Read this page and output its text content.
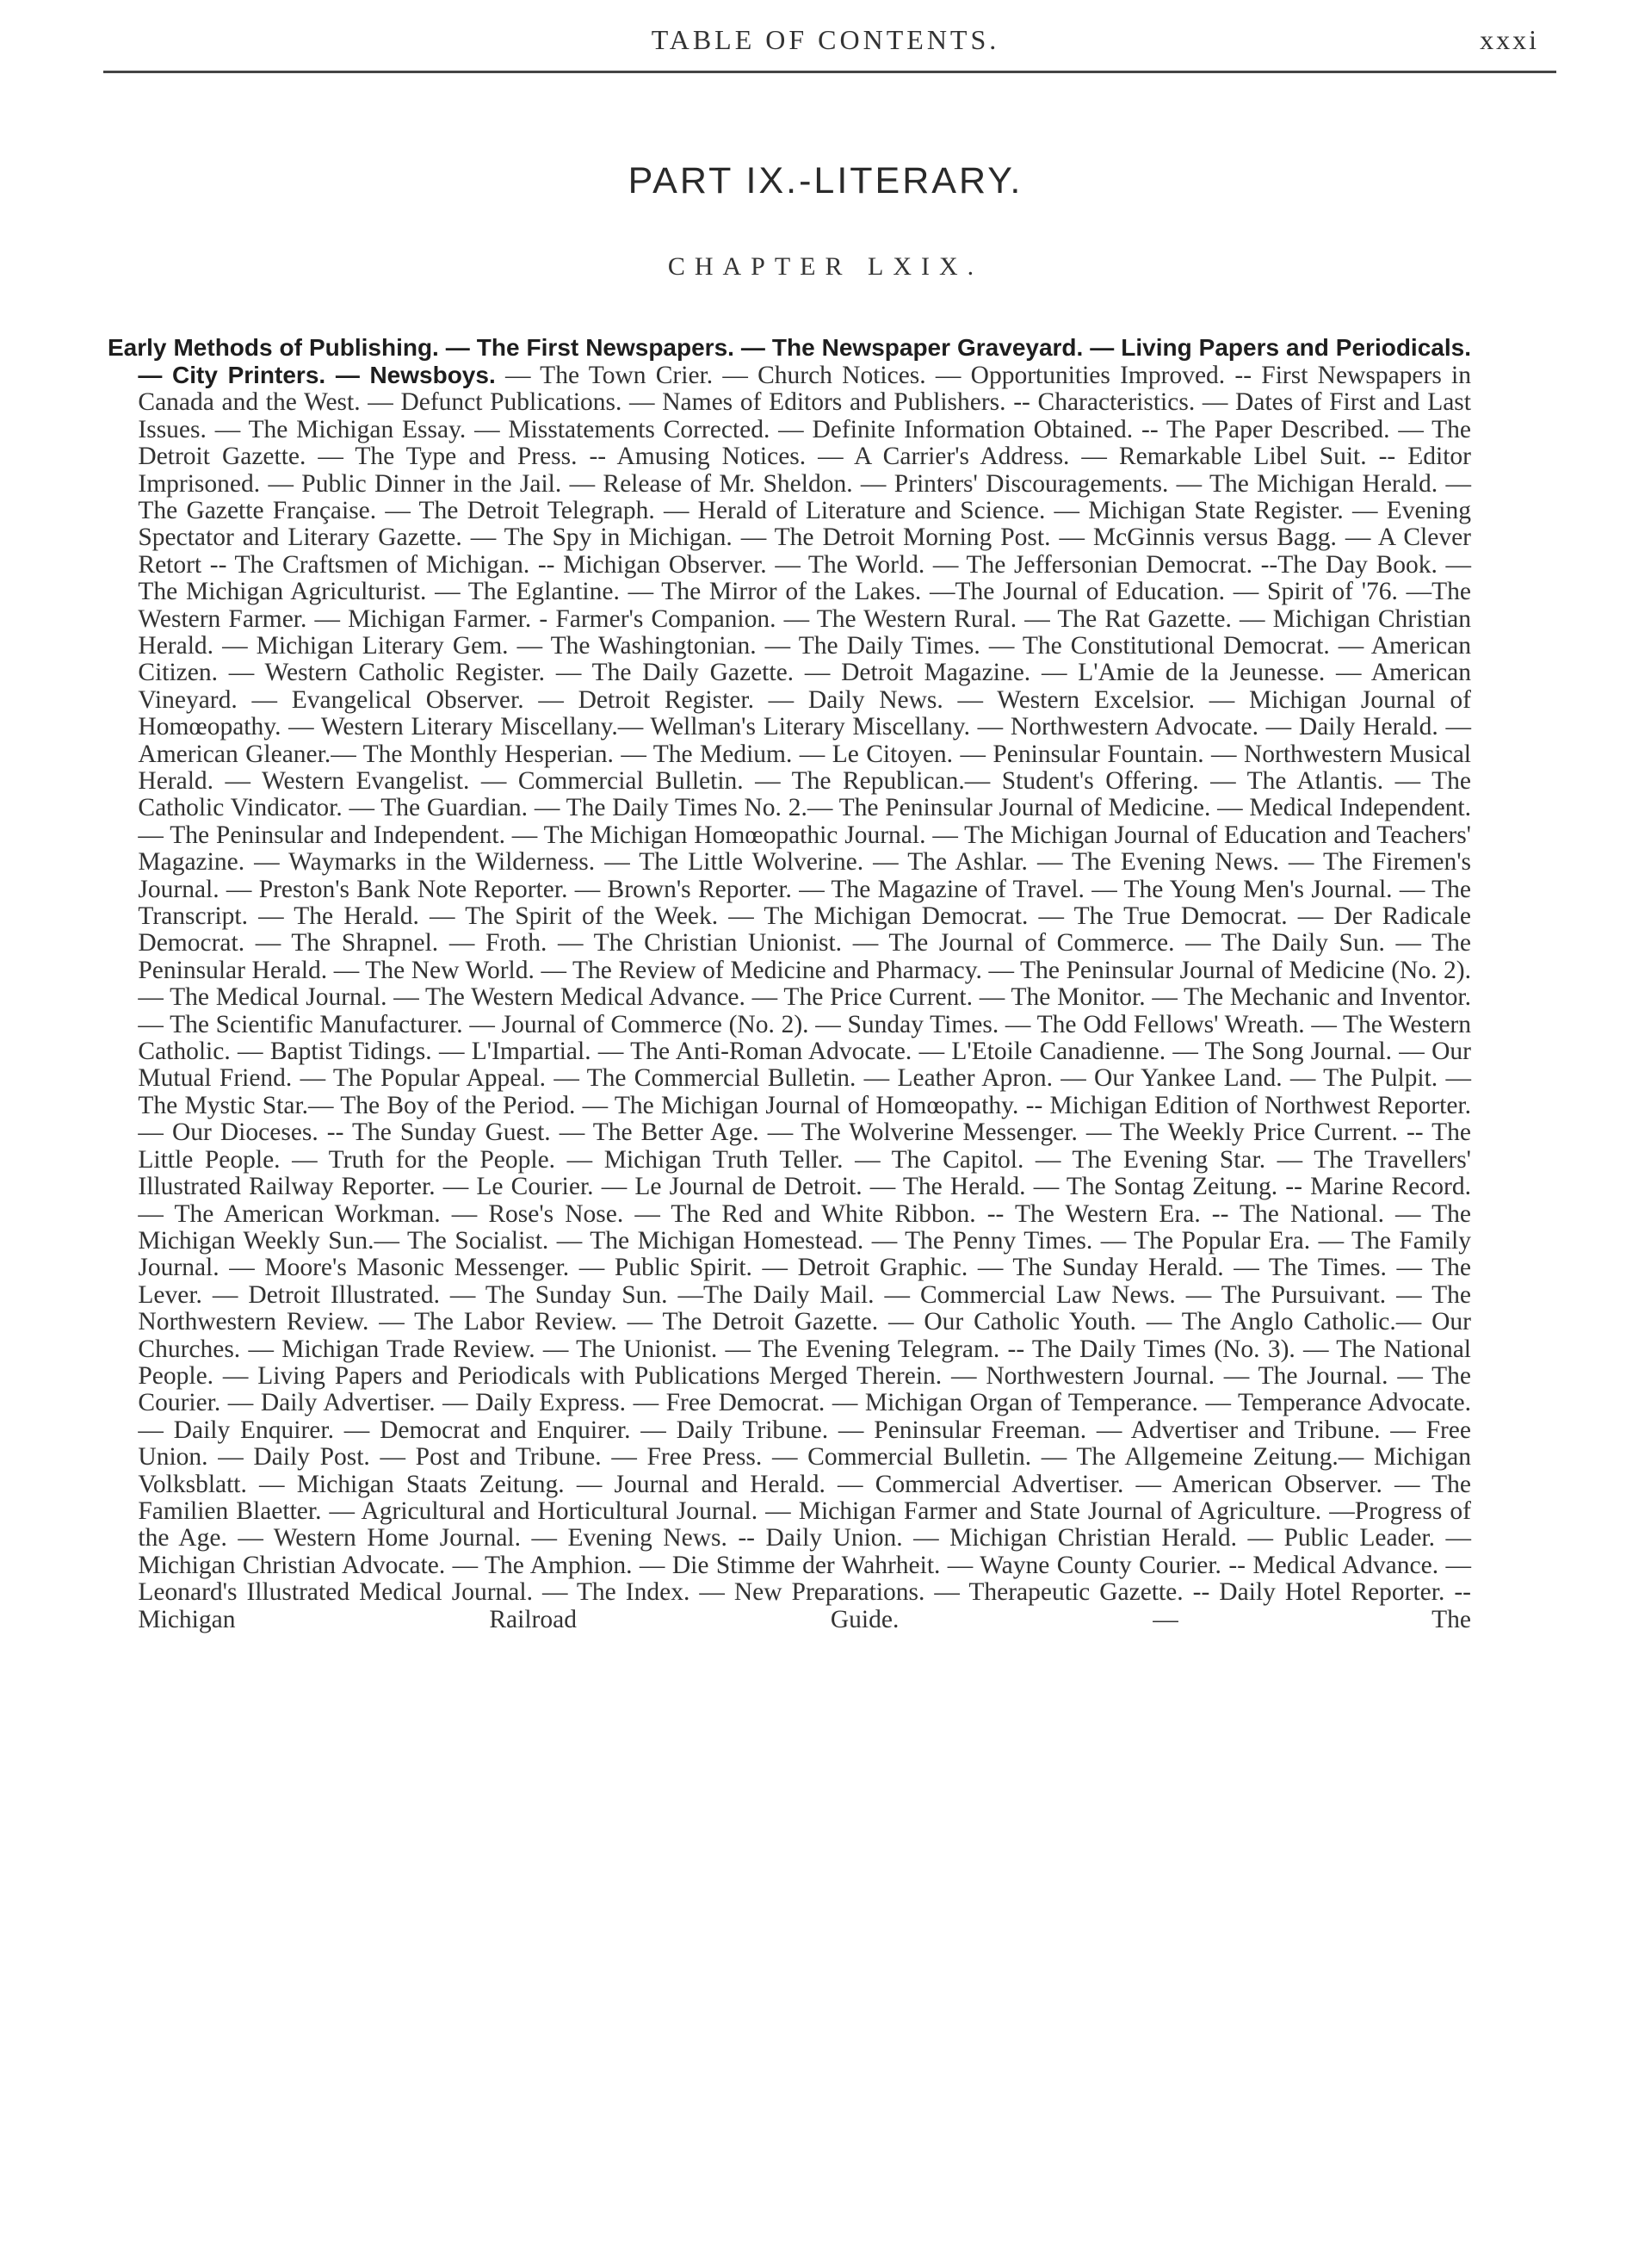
TABLE OF CONTENTS.	xxxi
PART IX.-LITERARY.
CHAPTER LXIX.

Early Methods of Publishing. — The First Newspapers. — The Newspaper Graveyard. — Living Papers and Periodicals. — City Printers. — Newsboys. — The Town Crier. — Church Notices. — Opportunities Improved. -- First Newspapers in Canada and the West. — Defunct Publications. — Names of Editors and Publishers. -- Characteristics. — Dates of First and Last Issues. — The Michigan Essay. — Misstatements Corrected. — Definite Information Obtained. -- The Paper Described. — The Detroit Gazette. — The Type and Press. -- Amusing Notices. — A Carrier's Address. — Remarkable Libel Suit. -- Editor Imprisoned. — Public Dinner in the Jail. — Release of Mr. Sheldon. — Printers' Discouragements. — The Michigan Herald. — The Gazette Française. — The Detroit Telegraph. — Herald of Literature and Science. — Michigan State Register. — Evening Spectator and Literary Gazette. — The Spy in Michigan. — The Detroit Morning Post. — McGinnis versus Bagg. — A Clever Retort -- The Craftsmen of Michigan. -- Michigan Observer. — The World. — The Jeffersonian Democrat. --The Day Book. — The Michigan Agriculturist. — The Eglantine. — The Mirror of the Lakes. —The Journal of Education. — Spirit of '76. —The Western Farmer. — Michigan Farmer. - Farmer's Companion. — The Western Rural. — The Rat Gazette. — Michigan Christian Herald. — Michigan Literary Gem. — The Washingtonian. — The Daily Times. — The Constitutional Democrat. — American Citizen. — Western Catholic Register. — The Daily Gazette. — Detroit Magazine. — L'Amie de la Jeunesse. — American Vineyard. — Evangelical Observer. — Detroit Register. — Daily News. — Western Excelsior. — Michigan Journal of Homœopathy. — Western Literary Miscellany.— Wellman's Literary Miscellany. — Northwestern Advocate. — Daily Herald. — American Gleaner.— The Monthly Hesperian. — The Medium. — Le Citoyen. — Peninsular Fountain. — Northwestern Musical Herald. — Western Evangelist. — Commercial Bulletin. — The Republican.— Student's Offering. — The Atlantis. — The Catholic Vindicator. — The Guardian. — The Daily Times No. 2.— The Peninsular Journal of Medicine. — Medical Independent. — The Peninsular and Independent. — The Michigan Homœopathic Journal. — The Michigan Journal of Education and Teachers' Magazine. — Waymarks in the Wilderness. — The Little Wolverine. — The Ashlar. — The Evening News. — The Firemen's Journal. — Preston's Bank Note Reporter. — Brown's Reporter. — The Magazine of Travel. — The Young Men's Journal. — The Transcript. — The Herald. — The Spirit of the Week. — The Michigan Democrat. — The True Democrat. — Der Radicale Democrat. — The Shrapnel. — Froth. — The Christian Unionist. — The Journal of Commerce. — The Daily Sun. — The Peninsular Herald. — The New World. — The Review of Medicine and Pharmacy. — The Peninsular Journal of Medicine (No. 2). — The Medical Journal. — The Western Medical Advance. — The Price Current. — The Monitor. — The Mechanic and Inventor. — The Scientific Manufacturer. — Journal of Commerce (No. 2). — Sunday Times. — The Odd Fellows' Wreath. — The Western Catholic. — Baptist Tidings. — L'Impartial. — The Anti-Roman Advocate. — L'Etoile Canadienne. — The Song Journal. — Our Mutual Friend. — The Popular Appeal. — The Commercial Bulletin. — Leather Apron. — Our Yankee Land. — The Pulpit. — The Mystic Star.— The Boy of the Period. — The Michigan Journal of Homœopathy. -- Michigan Edition of Northwest Reporter. — Our Dioceses. -- The Sunday Guest. — The Better Age. — The Wolverine Messenger. — The Weekly Price Current. -- The Little People. — Truth for the People. — Michigan Truth Teller. — The Capitol. — The Evening Star. — The Travellers' Illustrated Railway Reporter. — Le Courier. — Le Journal de Detroit. — The Herald. — The Sontag Zeitung. -- Marine Record. — The American Workman. — Rose's Nose. — The Red and White Ribbon. -- The Western Era. -- The National. — The Michigan Weekly Sun.— The Socialist. — The Michigan Homestead. — The Penny Times. — The Popular Era. — The Family Journal. — Moore's Masonic Messenger. — Public Spirit. — Detroit Graphic. — The Sunday Herald. — The Times. — The Lever. — Detroit Illustrated. — The Sunday Sun. —The Daily Mail. — Commercial Law News. — The Pursuivant. — The Northwestern Review. — The Labor Review. — The Detroit Gazette. — Our Catholic Youth. — The Anglo Catholic.— Our Churches. — Michigan Trade Review. — The Unionist. — The Evening Telegram. -- The Daily Times (No. 3). — The National People. — Living Papers and Periodicals with Publications Merged Therein. — Northwestern Journal. — The Journal. — The Courier. — Daily Advertiser. — Daily Express. — Free Democrat. — Michigan Organ of Temperance. — Temperance Advocate. — Daily Enquirer. — Democrat and Enquirer. — Daily Tribune. — Peninsular Freeman. — Advertiser and Tribune. — Free Union. — Daily Post. — Post and Tribune. — Free Press. — Commercial Bulletin. — The Allgemeine Zeitung.— Michigan Volksblatt. — Michigan Staats Zeitung. — Journal and Herald. — Commercial Advertiser. — American Observer. — The Familien Blaetter. — Agricultural and Horticultural Journal. — Michigan Farmer and State Journal of Agriculture. —Progress of the Age. — Western Home Journal. — Evening News. -- Daily Union. — Michigan Christian Herald. — Public Leader. — Michigan Christian Advocate. — The Amphion. — Die Stimme der Wahrheit. — Wayne County Courier. -- Medical Advance. — Leonard's Illustrated Medical Journal. — The Index. — New Preparations. — Therapeutic Gazette. -- Daily Hotel Reporter. -- Michigan Railroad Guide. — The
